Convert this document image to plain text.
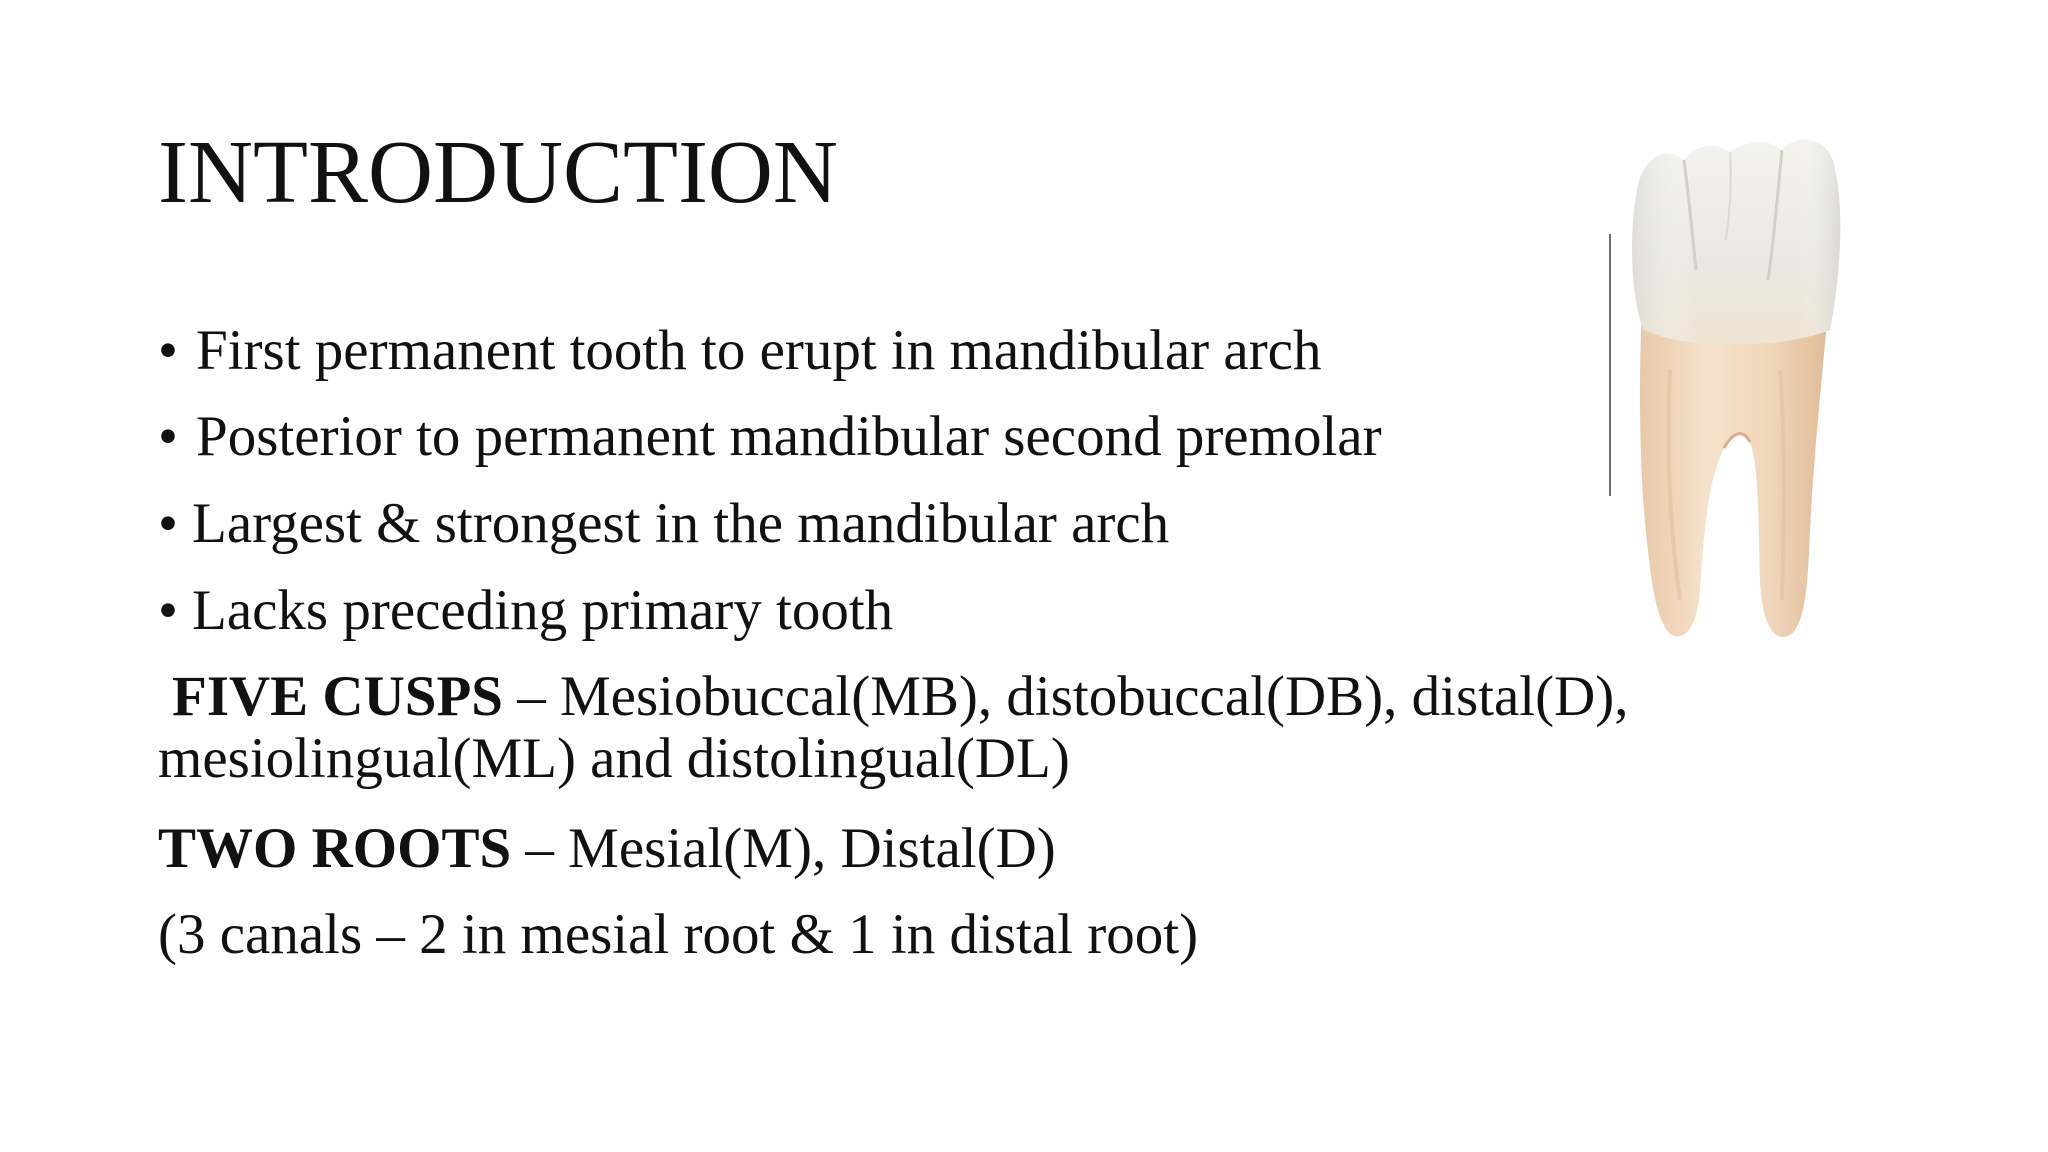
INTRODUCTION
• First permanent tooth to erupt in mandibular arch
• Posterior to permanent mandibular second premolar
• Largest & strongest in the mandibular arch
• Lacks preceding primary tooth
FIVE CUSPS – Mesiobuccal(MB), distobuccal(DB), distal(D), mesiolingual(ML) and distolingual(DL)
TWO ROOTS – Mesial(M), Distal(D)
(3 canals – 2 in mesial root & 1 in distal root)
